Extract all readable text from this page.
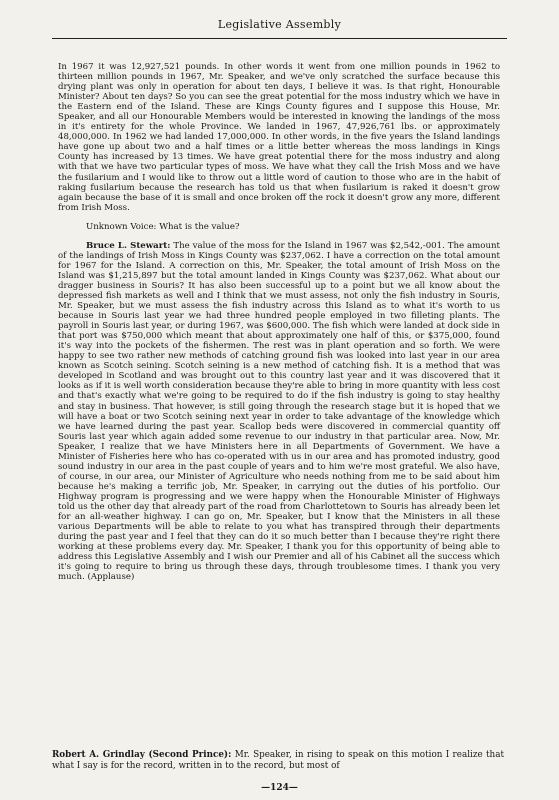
Legislative Assembly

In 1967 it was 12,927,521 pounds. In other words it went from one million pounds in 1962 to thirteen million pounds in 1967, Mr. Speaker, and we've only scratched the surface because this drying plant was only in operation for about ten days, I believe it was. Is that right, Honourable Minister? About ten days? So you can see the great potential for the moss industry which we have in the Eastern end of the Island. These are Kings County figures and I suppose this House, Mr. Speaker, and all our Honourable Members would be interested in knowing the landings of the moss in it's entirety for the whole Province. We landed in 1967, 47,926,761 lbs. or approximately 48,000,000. In 1962 we had landed 17,000,000. In other words, in the five years the Island landings have gone up about two and a half times or a little better whereas the moss landings in Kings County has increased by 13 times. We have great potential there for the moss industry and along with that we have two particular types of moss. We have what they call the Irish Moss and we have the fusilarium and I would like to throw out a little word of caution to those who are in the habit of raking fusilarium because the research has told us that when fusilarium is raked it doesn't grow again because the base of it is small and once broken off the rock it doesn't grow any more, different from Irish Moss.

Unknown Voice: What is the value?

Bruce L. Stewart: The value of the moss for the Island in 1967 was $2,542,-001. The amount of the landings of Irish Moss in Kings County was $237,062. I have a correction on the total amount for 1967 for the Island. A correction on this, Mr. Speaker, the total amount of Irish Moss on the Island was $1,215,897 but the total amount landed in Kings County was $237,062. What about our dragger business in Souris? It has also been successful up to a point but we all know about the depressed fish markets as well and I think that we must assess, not only the fish industry in Souris, Mr. Speaker, but we must assess the fish industry across this Island as to what it's worth to us because in Souris last year we had three hundred people employed in two filleting plants. The payroll in Souris last year, or during 1967, was $600,000. The fish which were landed at dock side in that port was $750,000 which meant that about approximately one half of this, or $375,000, found it's way into the pockets of the fishermen. The rest was in plant operation and so forth. We were happy to see two rather new methods of catching ground fish was looked into last year in our area known as Scotch seining. Scotch seining is a new method of catching fish. It is a method that was developed in Scotland and was brought out to this country last year and it was discovered that it looks as if it is well worth consideration because they're able to bring in more quantity with less cost and that's exactly what we're going to be required to do if the fish industry is going to stay healthy and stay in business. That however, is still going through the research stage but it is hoped that we will have a boat or two Scotch seining next year in order to take advantage of the knowledge which we have learned during the past year. Scallop beds were discovered in commercial quantity off Souris last year which again added some revenue to our industry in that particular area. Now, Mr. Speaker, I realize that we have Ministers here in all Departments of Government. We have a Minister of Fisheries here who has co-operated with us in our area and has promoted industry, good sound industry in our area in the past couple of years and to him we're most grateful. We also have, of course, in our area, our Minister of Agriculture who needs nothing from me to be said about him because he's making a terrific job, Mr. Speaker, in carrying out the duties of his portfolio. Our Highway program is progressing and we were happy when the Honourable Minister of Highways told us the other day that already part of the road from Charlottetown to Souris has already been let for an all-weather highway. I can go on, Mr. Speaker, but I know that the Ministers in all these various Departments will be able to relate to you what has transpired through their departments during the past year and I feel that they can do it so much better than I because they're right there working at these problems every day. Mr. Speaker, I thank you for this opportunity of being able to address this Legislative Assembly and I wish our Premier and all of his Cabinet all the success which it's going to require to bring us through these days, through troublesome times. I thank you very much. (Applause)

Robert A. Grindlay (Second Prince): Mr. Speaker, in rising to speak on this motion I realize that what I say is for the record, written in to the record, but most of
—124—
